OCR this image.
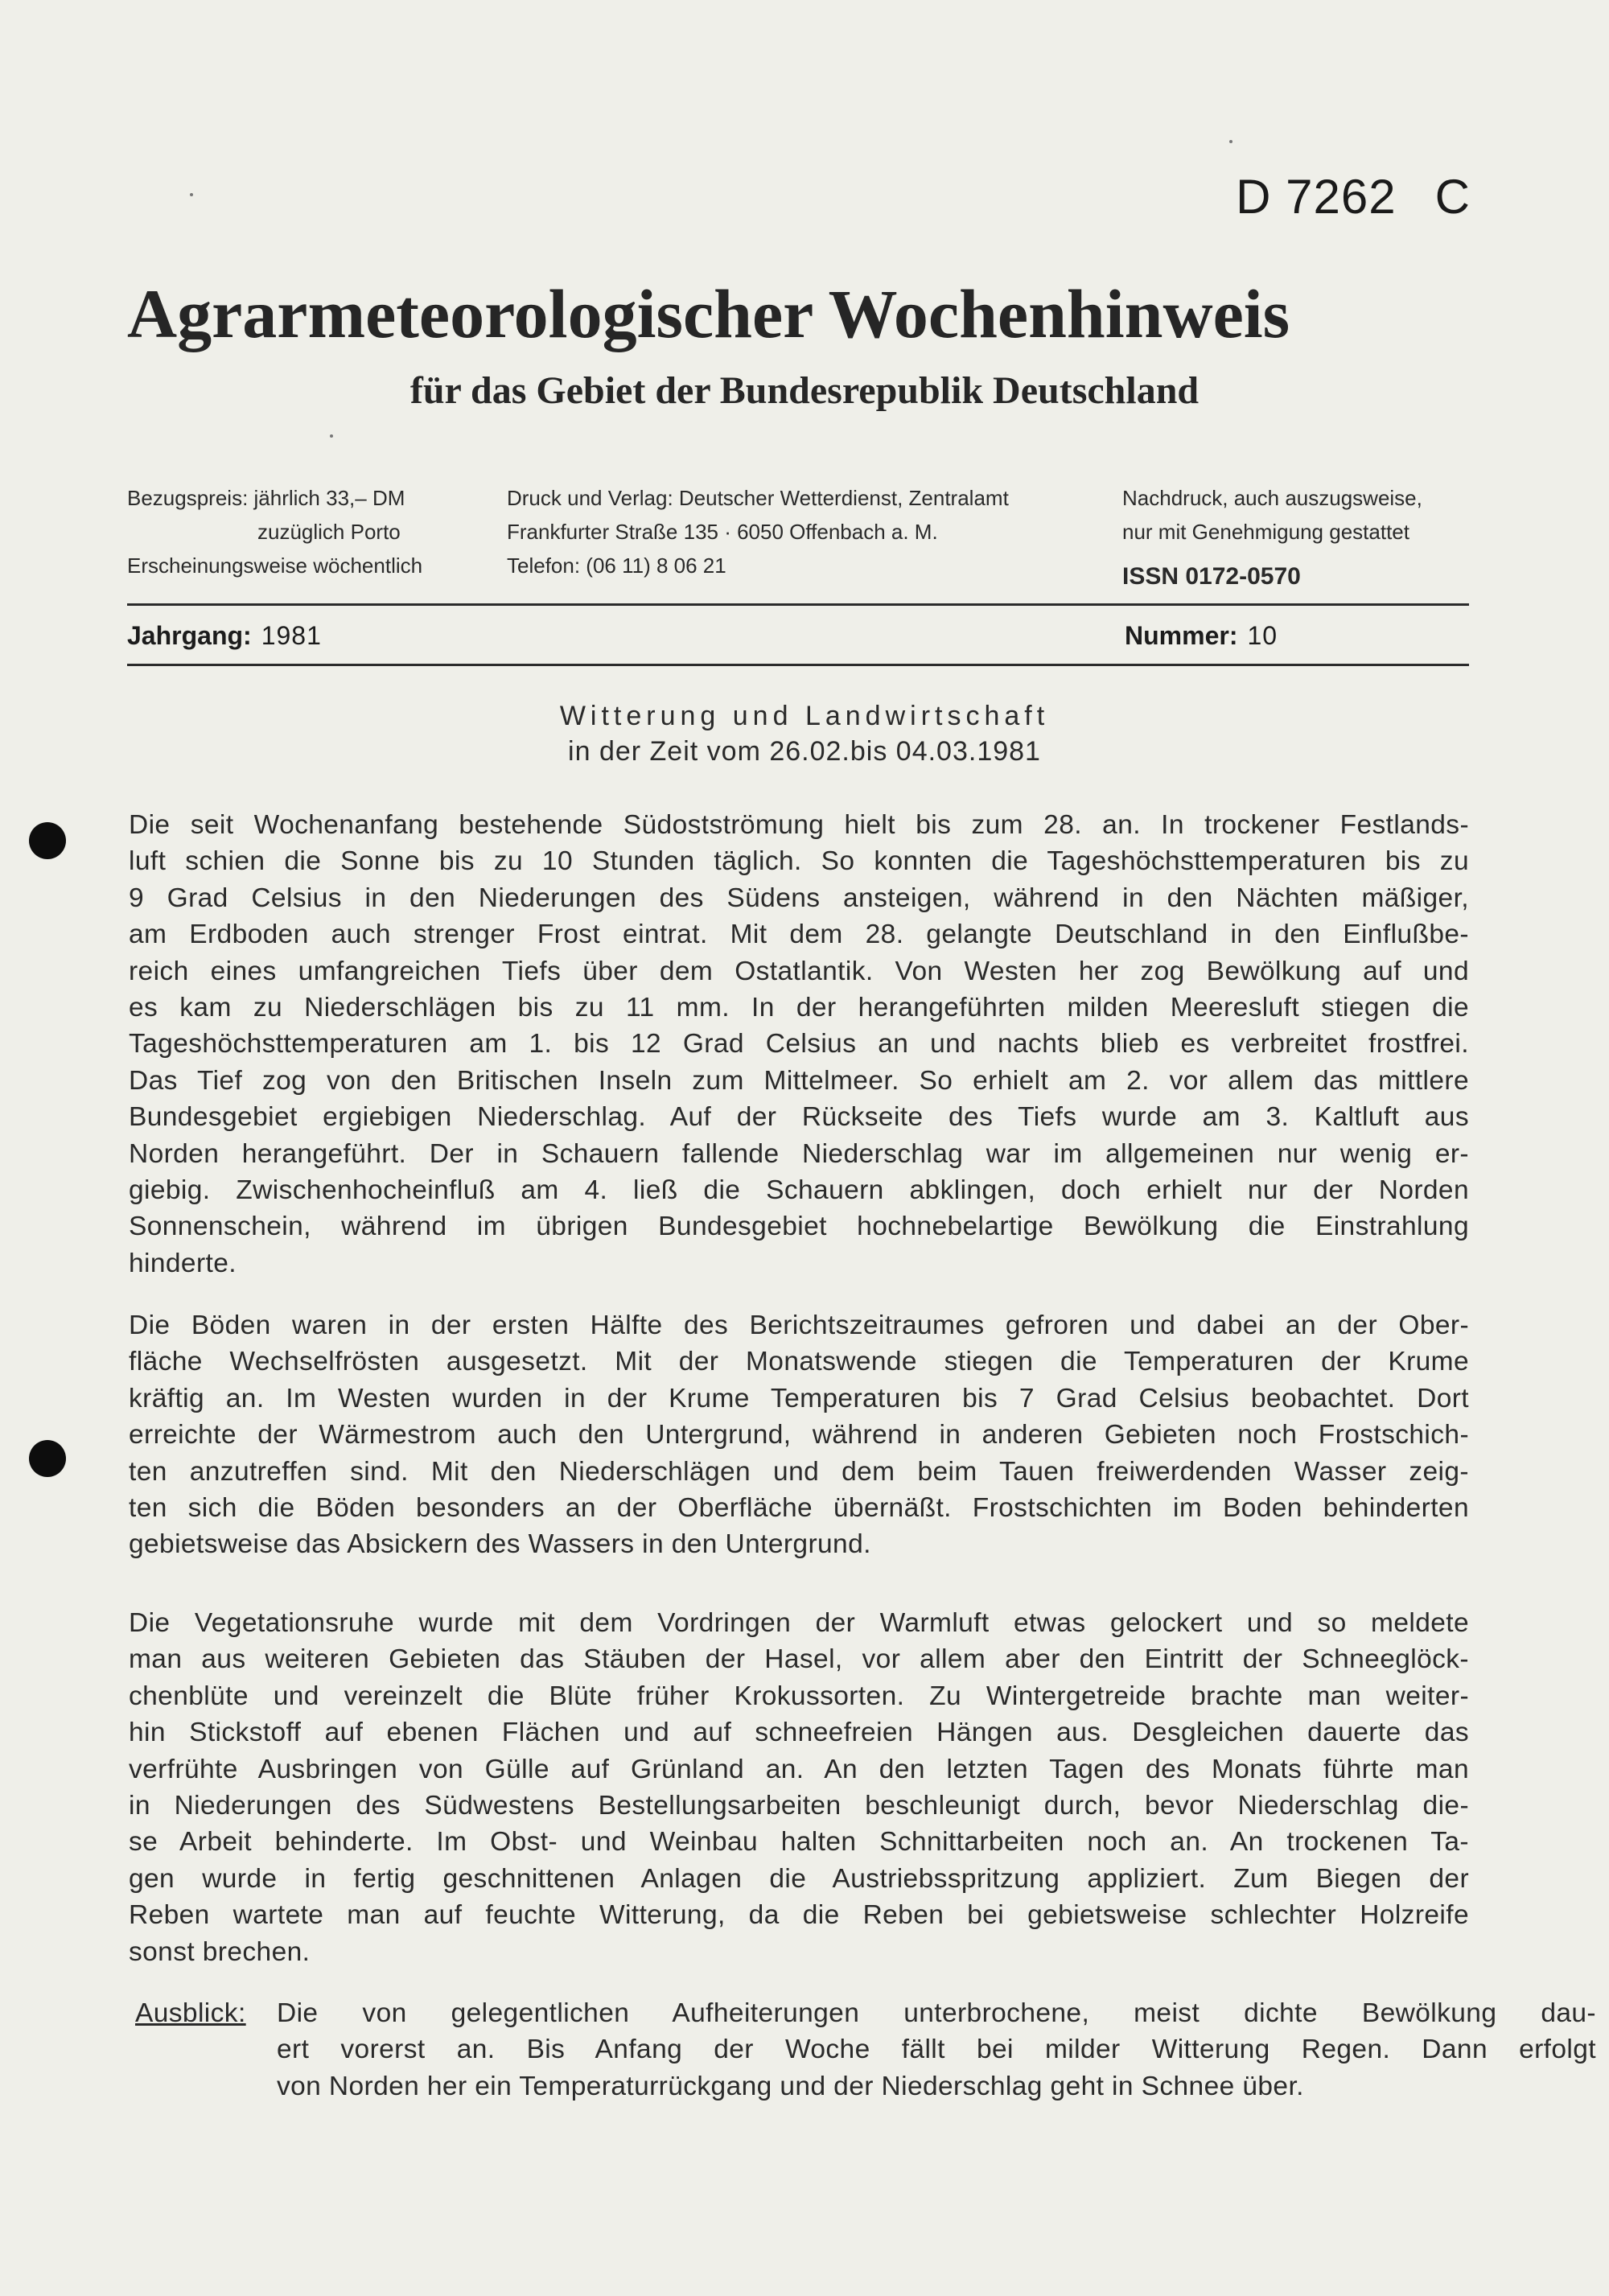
D 7262 C
Agrarmeteorologischer Wochenhinweis
für das Gebiet der Bundesrepublik Deutschland
Bezugspreis: jährlich 33,– DM
zuzüglich Porto
Erscheinungsweise wöchentlich
Druck und Verlag: Deutscher Wetterdienst, Zentralamt
Frankfurter Straße 135 · 6050 Offenbach a. M.
Telefon: (06 11) 8 06 21
Nachdruck, auch auszugsweise,
nur mit Genehmigung gestattet
ISSN 0172-0570
Jahrgang: 1981	Nummer: 10
Witterung und Landwirtschaft
in der Zeit vom 26.02.bis 04.03.1981
Die seit Wochenanfang bestehende Südostströmung hielt bis zum 28. an. In trockener Festlands-
luft schien die Sonne bis zu 10 Stunden täglich. So konnten die Tageshöchsttemperaturen bis zu
9 Grad Celsius in den Niederungen des Südens ansteigen, während in den Nächten mäßiger,
am Erdboden auch strenger Frost eintrat. Mit dem 28. gelangte Deutschland in den Einflußbe-
reich eines umfangreichen Tiefs über dem Ostatlantik. Von Westen her zog Bewölkung auf und
es kam zu Niederschlägen bis zu 11 mm. In der herangeführten milden Meeresluft stiegen die
Tageshöchsttemperaturen am 1. bis 12 Grad Celsius an und nachts blieb es verbreitet frostfrei.
Das Tief zog von den Britischen Inseln zum Mittelmeer. So erhielt am 2. vor allem das mittlere
Bundesgebiet ergiebigen Niederschlag. Auf der Rückseite des Tiefs wurde am 3. Kaltluft aus
Norden herangeführt. Der in Schauern fallende Niederschlag war im allgemeinen nur wenig er-
giebig. Zwischenhocheinfluß am 4. ließ die Schauern abklingen, doch erhielt nur der Norden
Sonnenschein, während im übrigen Bundesgebiet hochnebelartige Bewölkung die Einstrahlung
hinderte.
Die Böden waren in der ersten Hälfte des Berichtszeitraumes gefroren und dabei an der Ober-
fläche Wechselfrösten ausgesetzt. Mit der Monatswende stiegen die Temperaturen der Krume
kräftig an. Im Westen wurden in der Krume Temperaturen bis 7 Grad Celsius beobachtet. Dort
erreichte der Wärmestrom auch den Untergrund, während in anderen Gebieten noch Frostschich-
ten anzutreffen sind. Mit den Niederschlägen und dem beim Tauen freiwerdenden Wasser zeig-
ten sich die Böden besonders an der Oberfläche übernäßt. Frostschichten im Boden behinderten
gebietsweise das Absickern des Wassers in den Untergrund.
Die Vegetationsruhe wurde mit dem Vordringen der Warmluft etwas gelockert und so meldete
man aus weiteren Gebieten das Stäuben der Hasel, vor allem aber den Eintritt der Schneeglöck-
chenblüte und vereinzelt die Blüte früher Krokussorten. Zu Wintergetreide brachte man weiter-
hin Stickstoff auf ebenen Flächen und auf schneefreien Hängen aus. Desgleichen dauerte das
verfrühte Ausbringen von Gülle auf Grünland an. An den letzten Tagen des Monats führte man
in Niederungen des Südwestens Bestellungsarbeiten beschleunigt durch, bevor Niederschlag die-
se Arbeit behinderte. Im Obst- und Weinbau halten Schnittarbeiten noch an. An trockenen Ta-
gen wurde in fertig geschnittenen Anlagen die Austriebsspritzung appliziert. Zum Biegen der
Reben wartete man auf feuchte Witterung, da die Reben bei gebietsweise schlechter Holzreife
sonst brechen.
Ausblick: Die von gelegentlichen Aufheiterungen unterbrochene, meist dichte Bewölkung dau-
ert vorerst an. Bis Anfang der Woche fällt bei milder Witterung Regen. Dann erfolgt
von Norden her ein Temperaturrückgang und der Niederschlag geht in Schnee über.
